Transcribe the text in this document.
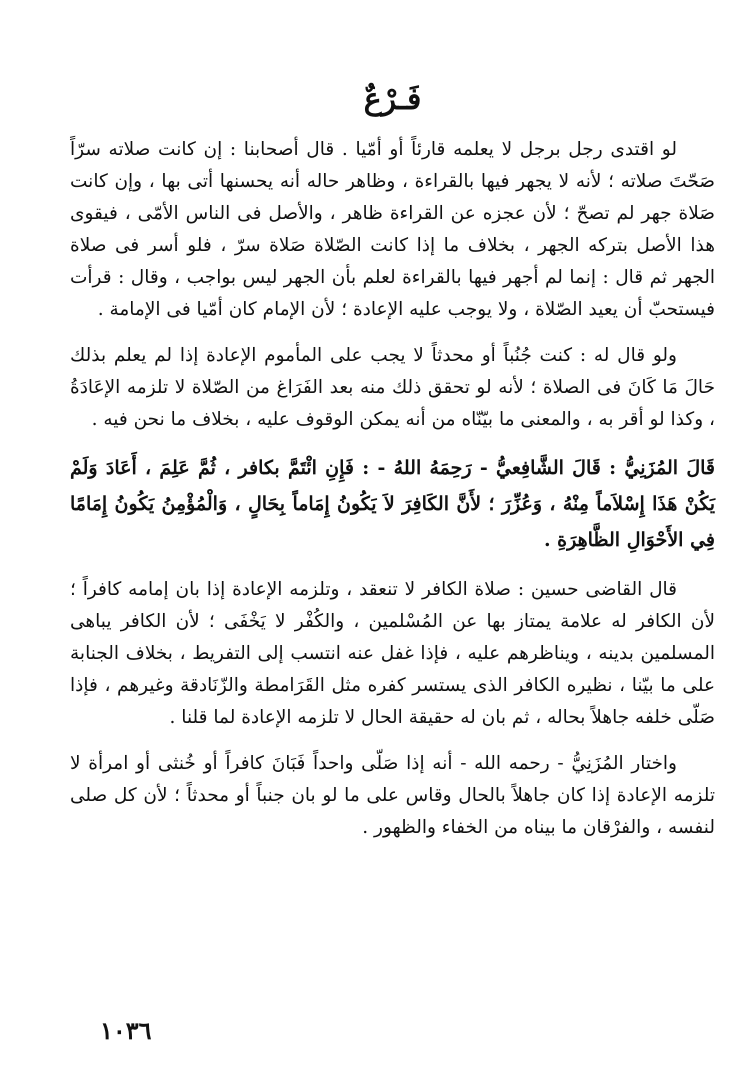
فَـرْعٌ

لو اقتدى رجل برجل لا يعلمه قارئاً أو أمّيا . قال أصحابنا : إن كانت صلاته سرّاً صَحّتَ صلاته ؛ لأنه لا يجهر فيها بالقراءة ، وظاهر حاله أنه يحسنها أتى بها ، وإن كانت صَلاة جهر لم تصحّ ؛ لأن عجزه عن القراءة ظاهر ، والأصل فى الناس الأمّى ، فيقوى هذا الأصل بتركه الجهر ، بخلاف ما إذا كانت الصّلاة صَلاة سرّ ، فلو أسر فى صلاة الجهر ثم قال : إنما لم أجهر فيها بالقراءة لعلم بأن الجهر ليس بواجب ، وقال : قرأت فيستحبّ أن يعيد الصّلاة ، ولا يوجب عليه الإعادة ؛ لأن الإمام كان أمّيا فى الإمامة .

ولو قال له : كنت جُنُباً أو محدثاً لا يجب على المأموم الإعادة إذا لم يعلم بذلك حَالَ مَا كَانَ فى الصلاة ؛ لأنه لو تحقق ذلك منه بعد الفَرَاغ من الصّلاة لا تلزمه الإعَادَةُ ، وكذا لو أقر به ، والمعنى ما بيّنّاه من أنه يمكن الوقوف عليه ، بخلاف ما نحن فيه .

قَالَ المُزَنِيُّ : قَالَ الشَّافِعيُّ - رَحِمَهُ اللهُ - : فَإِنِ ائْتَمَّ بكافر ، ثُمَّ عَلِمَ ، أَعَادَ وَلَمْ يَكُنْ هَذَا إِسْلاَماً مِنْهُ ، وَعُزِّرَ ؛ لأَنَّ الكَافِرَ لاَ يَكُونُ إِمَاماً بِحَالٍ ، وَالْمُؤْمِنُ يَكُونُ إِمَامًا فِي الأَحْوَالِ الظَّاهِرَةِ .

قال القاضى حسين : صلاة الكافر لا تنعقد ، وتلزمه الإعادة إذا بان إمامه كافراً ؛ لأن الكافر له علامة يمتاز بها عن المُسْلمين ، والكُفْر لا يَخْفَى ؛ لأن الكافر يباهى المسلمين بدينه ، ويناظرهم عليه ، فإذا غفل عنه انتسب إلى التفريط ، بخلاف الجنابة على ما بيّنا ، نظيره الكافر الذى يستسر كفره مثل القَرَامطة والزّنَادقة وغيرهم ، فإذا صَلّى خلفه جاهلاً بحاله ، ثم بان له حقيقة الحال لا تلزمه الإعادة لما قلنا .

واختار المُزَنِيُّ - رحمه الله - أنه إذا صَلّى واحداً فَبَانَ كافراً أو خُنثى أو امرأة لا تلزمه الإعادة إذا كان جاهلاً بالحال وقاس على ما لو بان جنباً أو محدثاً ؛ لأن كل صلى لنفسه ، والفرْقان ما بيناه من الخفاء والظهور .

١٠٣٦
